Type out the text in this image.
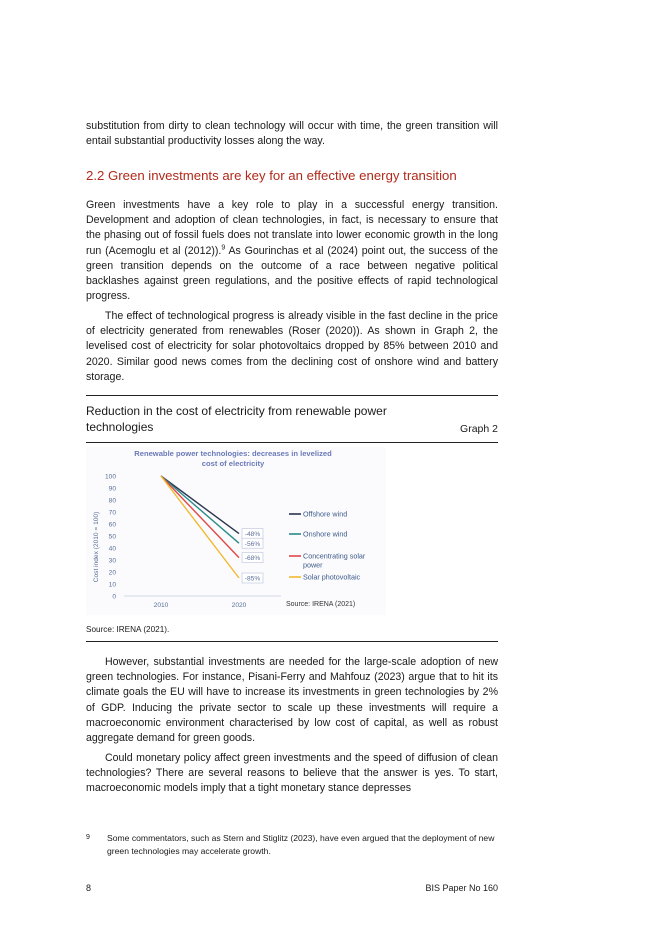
substitution from dirty to clean technology will occur with time, the green transition will entail substantial productivity losses along the way.

2.2 Green investments are key for an effective energy transition

Green investments have a key role to play in a successful energy transition. Development and adoption of clean technologies, in fact, is necessary to ensure that the phasing out of fossil fuels does not translate into lower economic growth in the long run (Acemoglu et al (2012)).$^9$ As Gourinchas et al (2024) point out, the success of the green transition depends on the outcome of a race between negative political backlashes against green regulations, and the positive effects of rapid technological progress.

The effect of technological progress is already visible in the fast decline in the price of electricity generated from renewables (Roser (2020)). As shown in Graph 2, the levelised cost of electricity for solar photovoltaics dropped by 85% between 2010 and 2020. Similar good news comes from the declining cost of onshore wind and battery storage.

Reduction in the cost of electricity from renewable power technologies	Graph 2
Renewable power technologies: decreases in levelized
cost of electricity
0
10
20
30
40
50
60
70
80
90
100
Cost index (2010 = 100)
2010	2020
-48%
-56%
-68%
-85%
Offshore wind
Onshore wind
Concentrating solar
power
Solar photovoltaic
Source: IRENA (2021)
Source: IRENA (2021).

However, substantial investments are needed for the large-scale adoption of new green technologies. For instance, Pisani-Ferry and Mahfouz (2023) argue that to hit its climate goals the EU will have to increase its investments in green technologies by 2% of GDP. Inducing the private sector to scale up these investments will require a macroeconomic environment characterised by low cost of capital, as well as robust aggregate demand for green goods.

Could monetary policy affect green investments and the speed of diffusion of clean technologies? There are several reasons to believe that the answer is yes. To start, macroeconomic models imply that a tight monetary stance depresses

9 Some commentators, such as Stern and Stiglitz (2023), have even argued that the deployment of new green technologies may accelerate growth.
8	BIS Paper No 160
